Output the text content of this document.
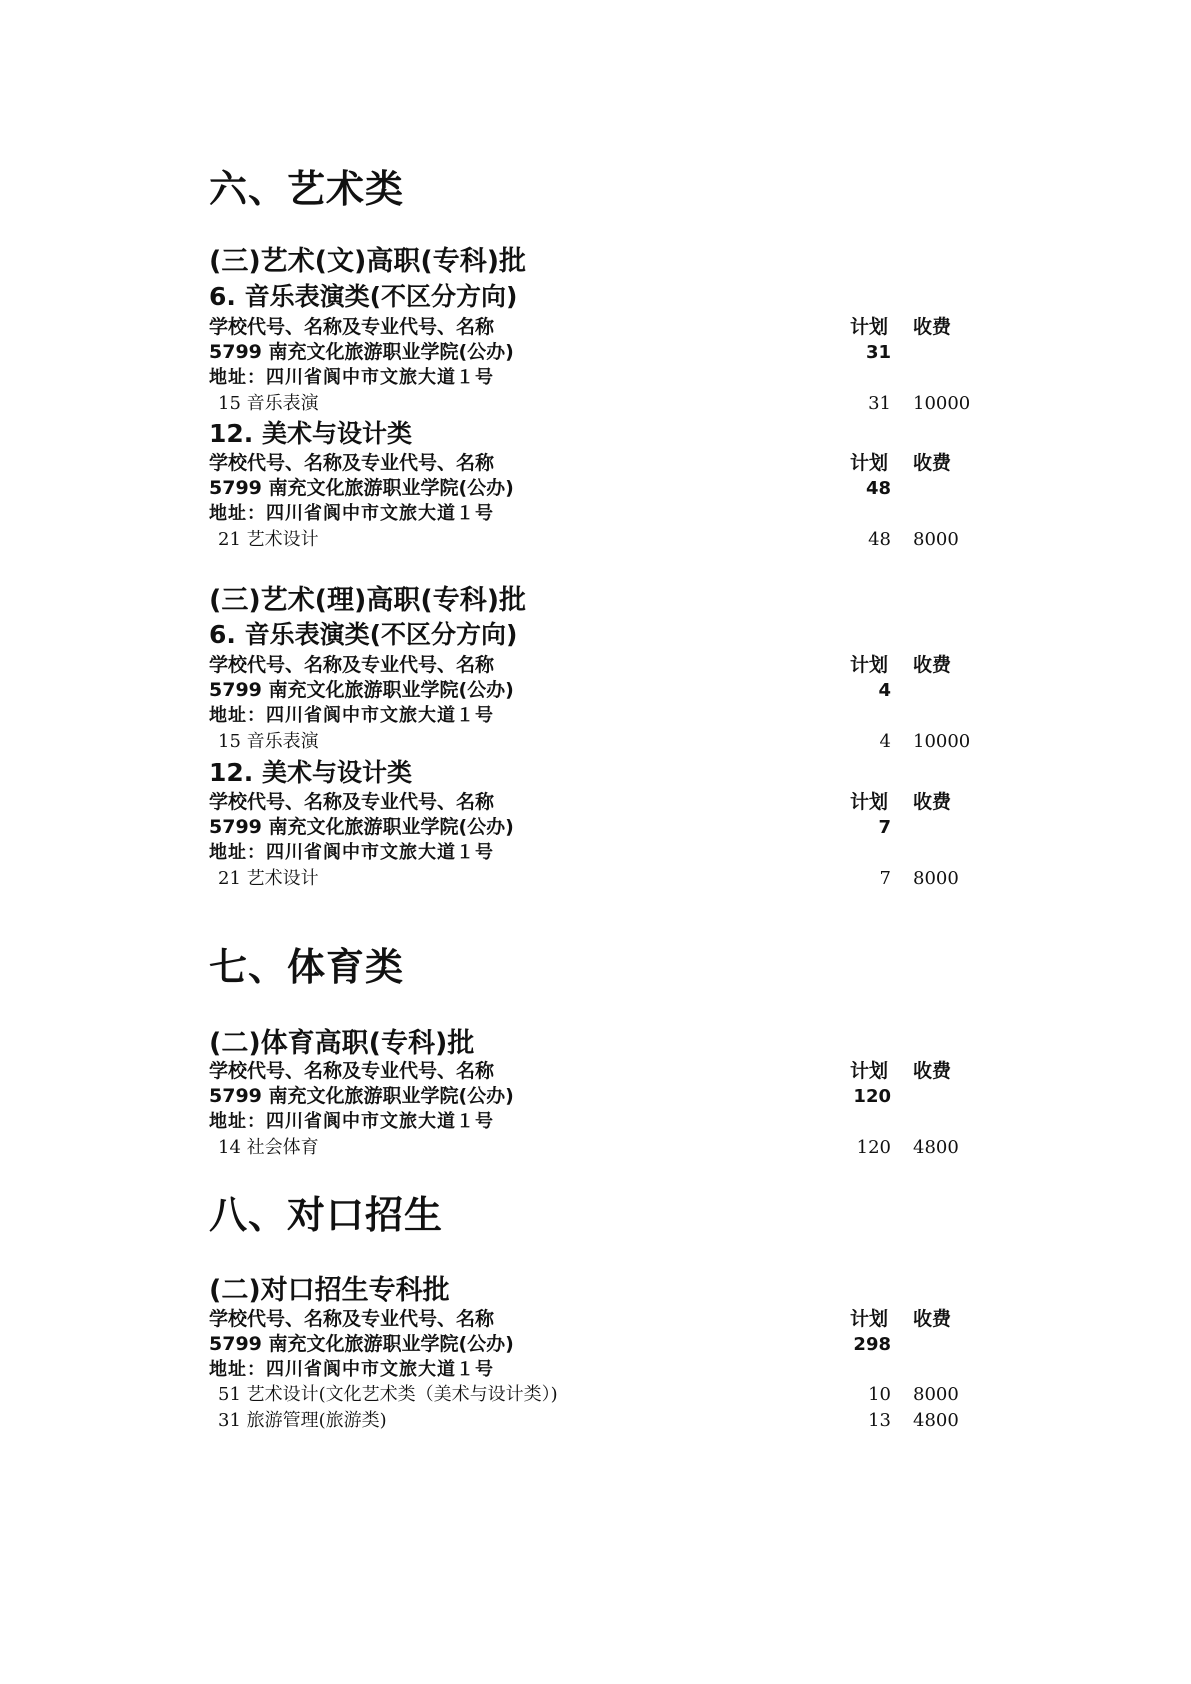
六、艺术类
(三)艺术(文)高职(专科)批
6. 音乐表演类(不区分方向)
学校代号、名称及专业代号、名称	计划 收费
5799 南充文化旅游职业学院(公办)	31
地址：四川省阆中市文旅大道１号
15 音乐表演	31 10000
12. 美术与设计类
学校代号、名称及专业代号、名称	计划 收费
5799 南充文化旅游职业学院(公办)	48
地址：四川省阆中市文旅大道１号
21 艺术设计	48 8000
(三)艺术(理)高职(专科)批
6. 音乐表演类(不区分方向)
学校代号、名称及专业代号、名称	计划 收费
5799 南充文化旅游职业学院(公办)	4
地址：四川省阆中市文旅大道１号
15 音乐表演	4 10000
12. 美术与设计类
学校代号、名称及专业代号、名称	计划 收费
5799 南充文化旅游职业学院(公办)	7
地址：四川省阆中市文旅大道１号
21 艺术设计	7 8000
七、体育类
(二)体育高职(专科)批
学校代号、名称及专业代号、名称	计划 收费
5799 南充文化旅游职业学院(公办)	120
地址：四川省阆中市文旅大道１号
14 社会体育	120 4800
八、对口招生
(二)对口招生专科批
学校代号、名称及专业代号、名称	计划 收费
5799 南充文化旅游职业学院(公办)	298
地址：四川省阆中市文旅大道１号
51 艺术设计(文化艺术类（美术与设计类）)	10 8000
31 旅游管理(旅游类)	13 4800
